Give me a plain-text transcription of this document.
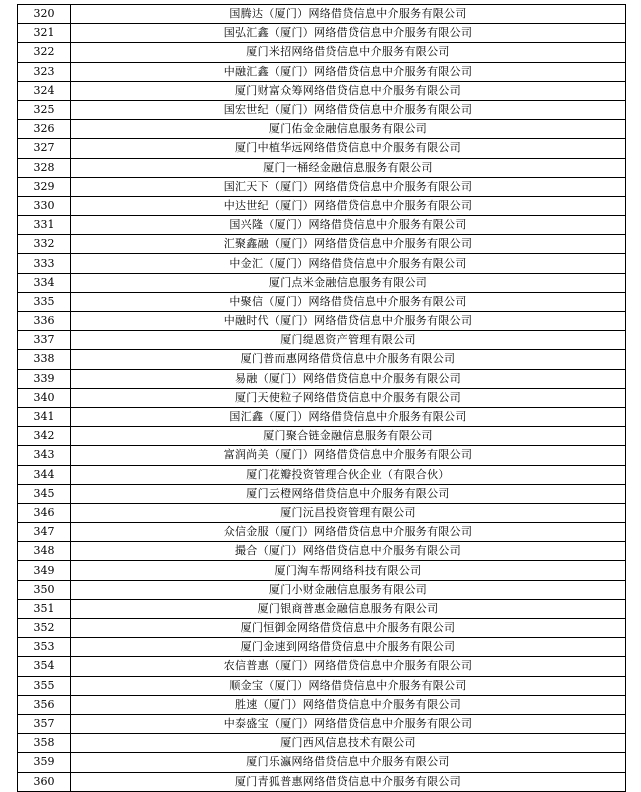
320	国腾达（厦门）网络借贷信息中介服务有限公司
321	国弘汇鑫（厦门）网络借贷信息中介服务有限公司
322	厦门米招网络借贷信息中介服务有限公司
323	中融汇鑫（厦门）网络借贷信息中介服务有限公司
324	厦门财富众筹网络借贷信息中介服务有限公司
325	国宏世纪（厦门）网络借贷信息中介服务有限公司
326	厦门佑金金融信息服务有限公司
327	厦门中植华远网络借贷信息中介服务有限公司
328	厦门一桶经金融信息服务有限公司
329	国汇天下（厦门）网络借贷信息中介服务有限公司
330	中达世纪（厦门）网络借贷信息中介服务有限公司
331	国兴隆（厦门）网络借贷信息中介服务有限公司
332	汇聚鑫融（厦门）网络借贷信息中介服务有限公司
333	中金汇（厦门）网络借贷信息中介服务有限公司
334	厦门点米金融信息服务有限公司
335	中聚信（厦门）网络借贷信息中介服务有限公司
336	中融时代（厦门）网络借贷信息中介服务有限公司
337	厦门缇恩资产管理有限公司
338	厦门普而惠网络借贷信息中介服务有限公司
339	易融（厦门）网络借贷信息中介服务有限公司
340	厦门天使粒子网络借贷信息中介服务有限公司
341	国汇鑫（厦门）网络借贷信息中介服务有限公司
342	厦门聚合链金融信息服务有限公司
343	富润尚美（厦门）网络借贷信息中介服务有限公司
344	厦门花瓣投资管理合伙企业（有限合伙）
345	厦门云橙网络借贷信息中介服务有限公司
346	厦门沅昌投资管理有限公司
347	众信金服（厦门）网络借贷信息中介服务有限公司
348	撮合（厦门）网络借贷信息中介服务有限公司
349	厦门淘车帮网络科技有限公司
350	厦门小财金融信息服务有限公司
351	厦门银商普惠金融信息服务有限公司
352	厦门恒御金网络借贷信息中介服务有限公司
353	厦门金速到网络借贷信息中介服务有限公司
354	农信普惠（厦门）网络借贷信息中介服务有限公司
355	顺金宝（厦门）网络借贷信息中介服务有限公司
356	胜速（厦门）网络借贷信息中介服务有限公司
357	中泰盛宝（厦门）网络借贷信息中介服务有限公司
358	厦门西风信息技术有限公司
359	厦门乐瀛网络借贷信息中介服务有限公司
360	厦门青狐普惠网络借贷信息中介服务有限公司
